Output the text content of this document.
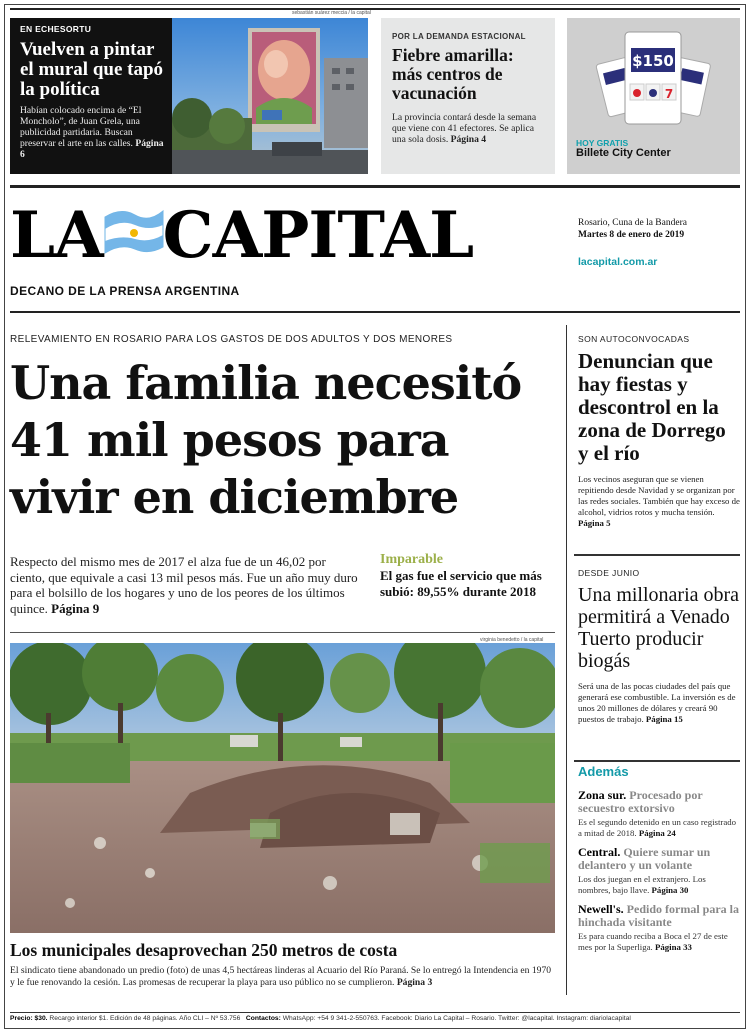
EN ECHESORTU
Vuelven a pintar el mural que tapó la política
Habían colocado encima de “El Moncholo”, de Juan Grela, una publicidad partidaria. Buscan preservar el arte en las calles. Página 6
sebastián suárez meccia / la capital
POR LA DEMANDA ESTACIONAL
Fiebre amarilla: más centros de vacunación
La provincia contará desde la semana que viene con 41 efectores. Se aplica una sola dosis. Página 4
$150
7
HOY GRATIS
Billete City Center
LA CAPITAL
DECANO DE LA PRENSA ARGENTINA
Rosario, Cuna de la Bandera
Martes 8 de enero de 2019
lacapital.com.ar
RELEVAMIENTO EN ROSARIO PARA LOS GASTOS DE DOS ADULTOS Y DOS MENORES
Una familia necesitó 41 mil pesos para vivir en diciembre
Respecto del mismo mes de 2017 el alza fue de un 46,02 por ciento, que equivale a casi 13 mil pesos más. Fue un año muy duro para el bolsillo de los hogares y uno de los peores de los últimos quince. Página 9
Imparable
El gas fue el servicio que más subió: 89,55% durante 2018
virginia benedetto / la capital
Los municipales desaprovechan 250 metros de costa
El sindicato tiene abandonado un predio (foto) de unas 4,5 hectáreas linderas al Acuario del Río Paraná. Se lo entregó la Intendencia en 1970 y le fue renovando la cesión. Las promesas de recuperar la playa para uso público no se cumplieron. Página 3
SON AUTOCONVOCADAS
Denuncian que hay fiestas y descontrol en la zona de Dorrego y el río
Los vecinos aseguran que se vienen repitiendo desde Navidad y se organizan por las redes sociales. También que hay exceso de alcohol, vidrios rotos y mucha tensión. Página 5
DESDE JUNIO
Una millonaria obra permitirá a Venado Tuerto producir biogás
Será una de las pocas ciudades del país que generará ese combustible. La inversión es de unos 20 millones de dólares y creará 90 puestos de trabajo. Página 15
Además
Zona sur. Procesado por secuestro extorsivo
Es el segundo detenido en un caso registrado a mitad de 2018. Página 24
Central. Quiere sumar un delantero y un volante
Los dos juegan en el extranjero. Los nombres, bajo llave. Página 30
Newell's. Pedido formal para la hinchada visitante
Es para cuando reciba a Boca el 27 de este mes por la Superliga. Página 33
Precio: $30. Recargo interior $1. Edición de 48 páginas. Año CLI – Nº 53.756 Contactos: WhatsApp: +54 9 341-2-550763. Facebook: Diario La Capital – Rosario. Twitter: @lacapital. Instagram: diariolacapital
